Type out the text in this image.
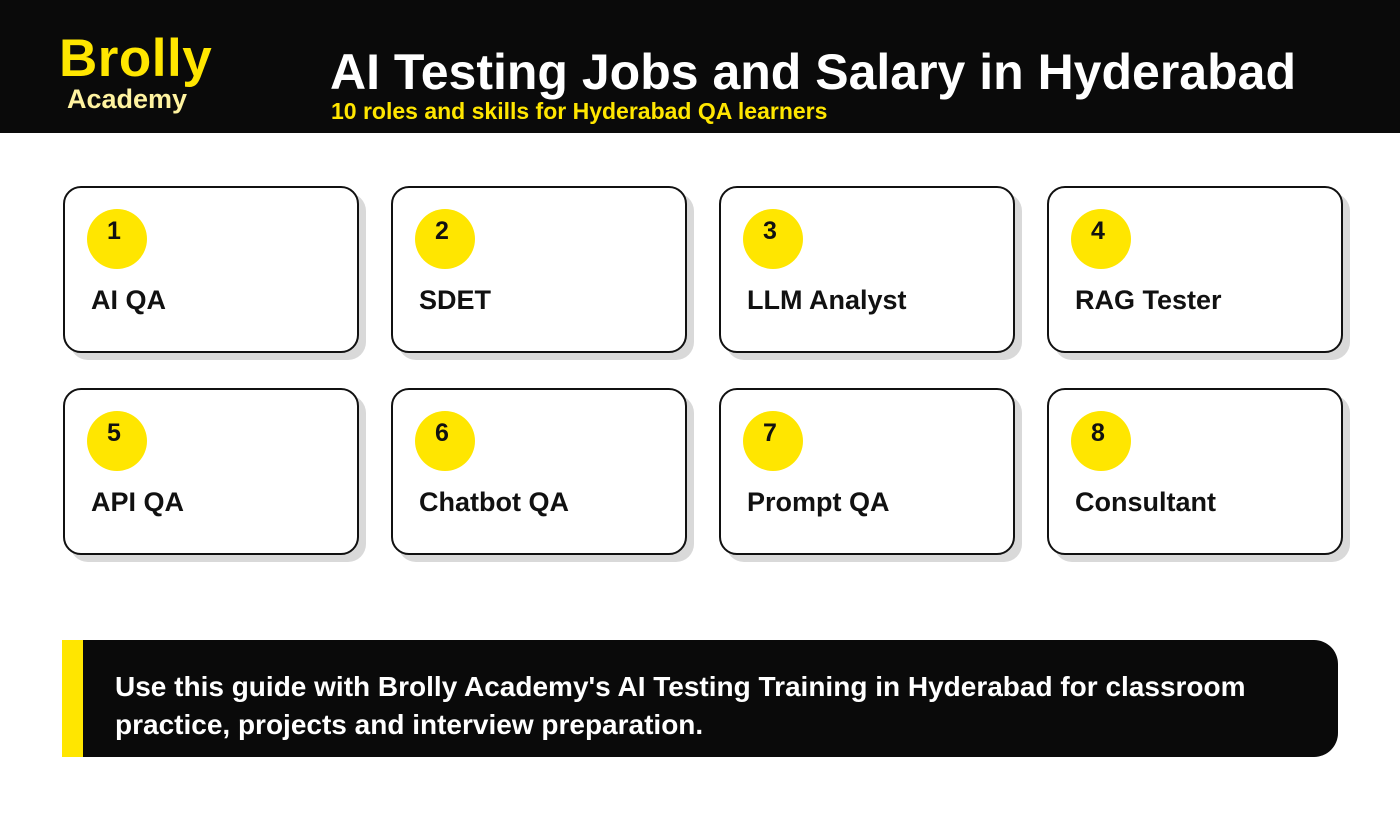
Brolly
Academy	AI Testing Jobs and Salary in Hyderabad
10 roles and skills for Hyderabad QA learners
1
AI QA
2
SDET
3
LLM Analyst
4
RAG Tester
5
API QA
6
Chatbot QA
7
Prompt QA
8
Consultant
Use this guide with Brolly Academy's AI Testing Training in Hyderabad for classroom practice, projects and interview preparation.
